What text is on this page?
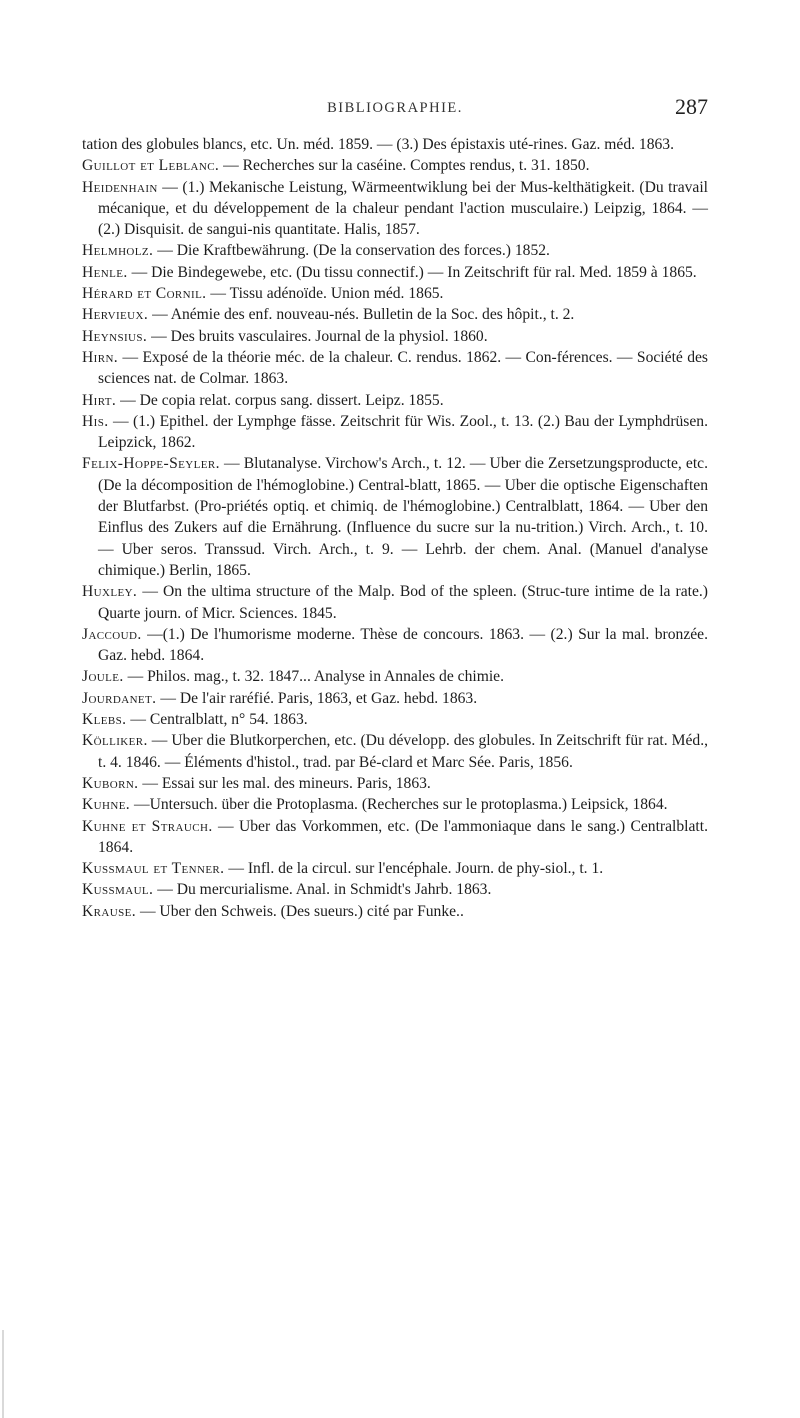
BIBLIOGRAPHIE.	287

tation des globules blancs, etc. Un. méd. 1859. — (3.) Des épistaxis uté-rines. Gaz. méd. 1863.

Guillot et Leblanc. — Recherches sur la caséine. Comptes rendus, t. 31. 1850.

Heidenhain — (1.) Mekanische Leistung, Wärmeentwiklung bei der Mus-kelthätigkeit. (Du travail mécanique, et du développement de la chaleur pendant l'action musculaire.) Leipzig, 1864. — (2.) Disquisit. de sangui-nis quantitate. Halis, 1857.

Helmholz. — Die Kraftbewährung. (De la conservation des forces.) 1852.

Henle. — Die Bindegewebe, etc. (Du tissu connectif.) — In Zeitschrift für ral. Med. 1859 à 1865.

Hérard et Cornil. — Tissu adénoïde. Union méd. 1865.

Hervieux. — Anémie des enf. nouveau-nés. Bulletin de la Soc. des hôpit., t. 2.

Heynsius. — Des bruits vasculaires. Journal de la physiol. 1860.

Hirn. — Exposé de la théorie méc. de la chaleur. C. rendus. 1862. — Con-férences. — Société des sciences nat. de Colmar. 1863.

Hirt. — De copia relat. corpus sang. dissert. Leipz. 1855.

His. — (1.) Epithel. der Lymphge fässe. Zeitschrit für Wis. Zool., t. 13. (2.) Bau der Lymphdrüsen. Leipzick, 1862.

Felix-Hoppe-Seyler. — Blutanalyse. Virchow's Arch., t. 12. — Uber die Zersetzungsproducte, etc. (De la décomposition de l'hémoglobine.) Central-blatt, 1865. — Uber die optische Eigenschaften der Blutfarbst. (Pro-priétés optiq. et chimiq. de l'hémoglobine.) Centralblatt, 1864. — Uber den Einflus des Zukers auf die Ernährung. (Influence du sucre sur la nu-trition.) Virch. Arch., t. 10. — Uber seros. Transsud. Virch. Arch., t. 9. — Lehrb. der chem. Anal. (Manuel d'analyse chimique.) Berlin, 1865.

Huxley. — On the ultima structure of the Malp. Bod of the spleen. (Struc-ture intime de la rate.) Quarte journ. of Micr. Sciences. 1845.

Jaccoud. —(1.) De l'humorisme moderne. Thèse de concours. 1863. — (2.) Sur la mal. bronzée. Gaz. hebd. 1864.

Joule. — Philos. mag., t. 32. 1847... Analyse in Annales de chimie.

Jourdanet. — De l'air raréfié. Paris, 1863, et Gaz. hebd. 1863.

Klebs. — Centralblatt, n° 54. 1863.

Kölliker. — Uber die Blutkorperchen, etc. (Du développ. des globules. In Zeitschrift für rat. Méd., t. 4. 1846. — Éléments d'histol., trad. par Bé-clard et Marc Sée. Paris, 1856.

Kuborn. — Essai sur les mal. des mineurs. Paris, 1863.

Kuhne. —Untersuch. über die Protoplasma. (Recherches sur le protoplasma.) Leipsick, 1864.

Kuhne et Strauch. — Uber das Vorkommen, etc. (De l'ammoniaque dans le sang.) Centralblatt. 1864.

Kussmaul et Tenner. — Infl. de la circul. sur l'encéphale. Journ. de phy-siol., t. 1.

Kussmaul. — Du mercurialisme. Anal. in Schmidt's Jahrb. 1863.

Krause. — Uber den Schweis. (Des sueurs.) cité par Funke..
